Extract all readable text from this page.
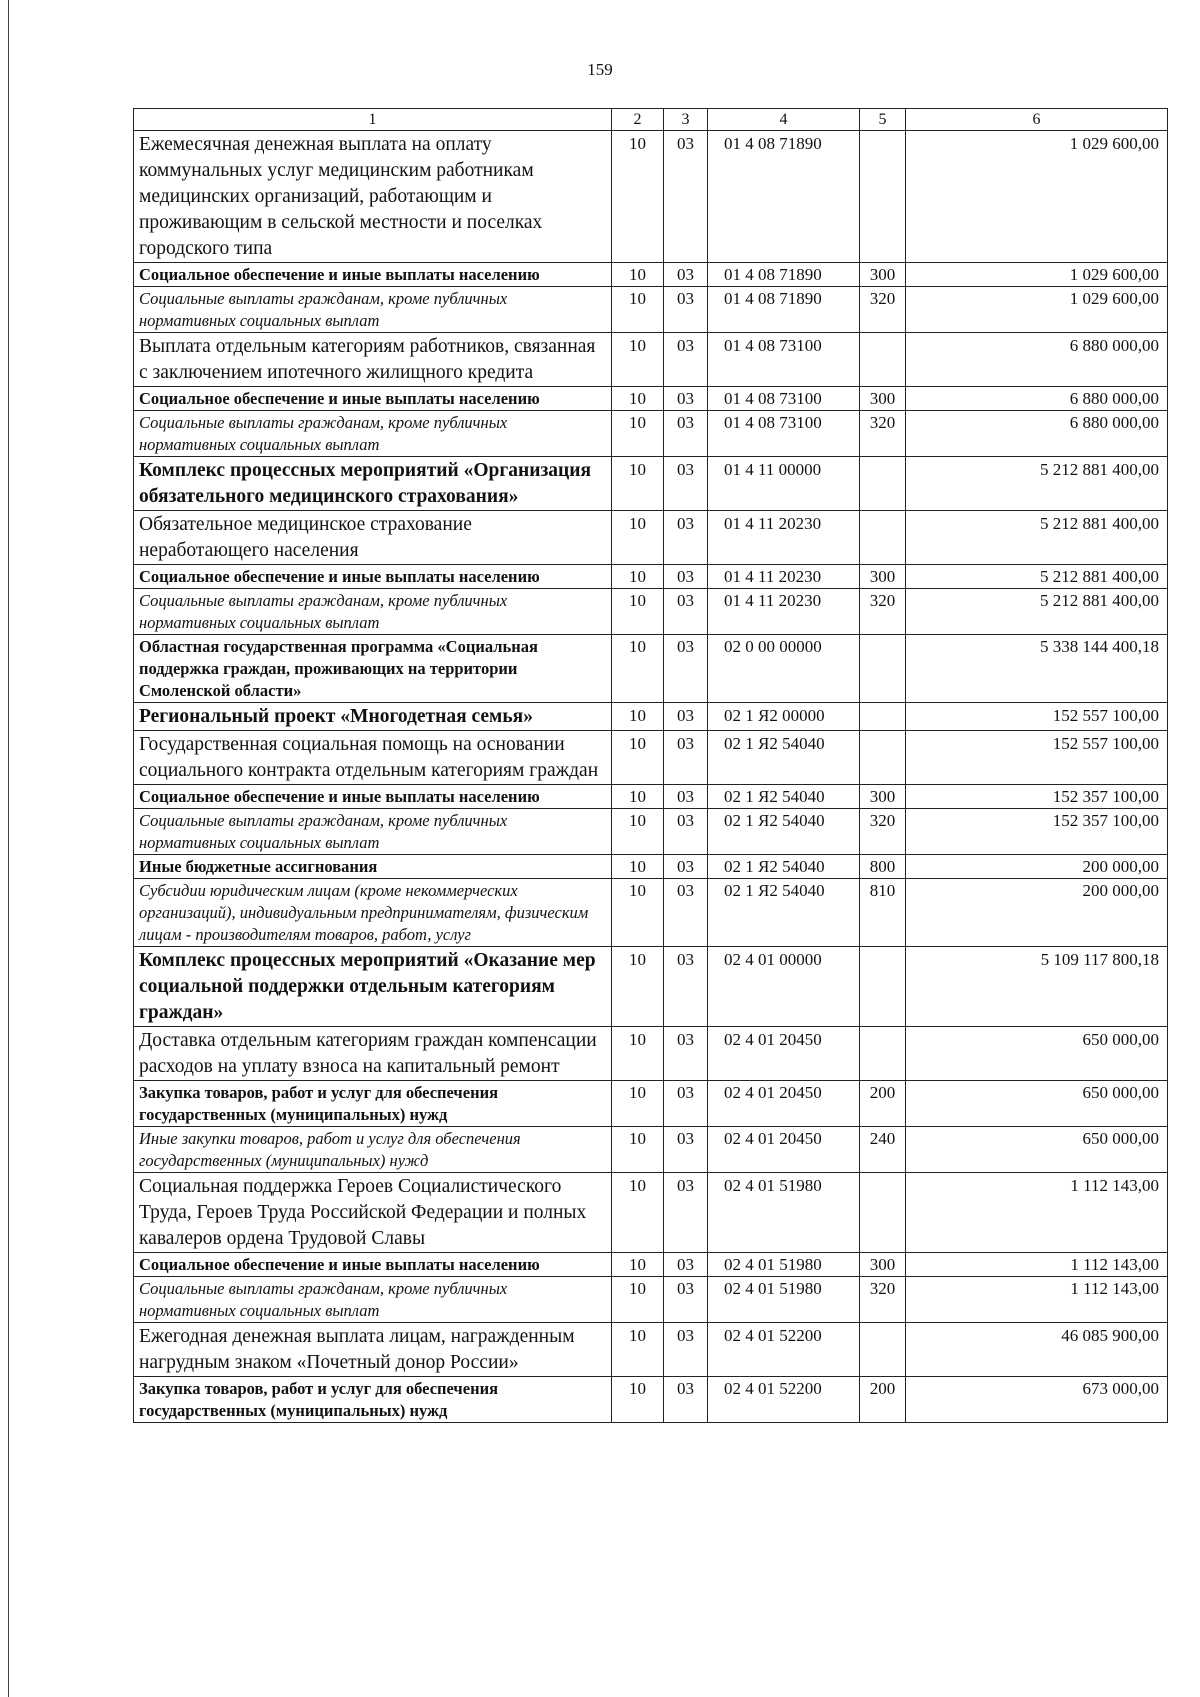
159
1	2	3	4	5	6
Ежемесячная денежная выплата на оплату коммунальных услуг медицинским работникам медицинских организаций, работающим и проживающим в сельской местности и поселках городского типа	10	03	01 4 08 71890		1 029 600,00
Социальное обеспечение и иные выплаты населению	10	03	01 4 08 71890	300	1 029 600,00
Социальные выплаты гражданам, кроме публичных нормативных социальных выплат	10	03	01 4 08 71890	320	1 029 600,00
Выплата отдельным категориям работников, связанная с заключением ипотечного жилищного кредита	10	03	01 4 08 73100		6 880 000,00
Социальное обеспечение и иные выплаты населению	10	03	01 4 08 73100	300	6 880 000,00
Социальные выплаты гражданам, кроме публичных нормативных социальных выплат	10	03	01 4 08 73100	320	6 880 000,00
Комплекс процессных мероприятий «Организация обязательного медицинского страхования»	10	03	01 4 11 00000		5 212 881 400,00
Обязательное медицинское страхование неработающего населения	10	03	01 4 11 20230		5 212 881 400,00
Социальное обеспечение и иные выплаты населению	10	03	01 4 11 20230	300	5 212 881 400,00
Социальные выплаты гражданам, кроме публичных нормативных социальных выплат	10	03	01 4 11 20230	320	5 212 881 400,00
Областная государственная программа «Социальная поддержка граждан, проживающих на территории Смоленской области»	10	03	02 0 00 00000		5 338 144 400,18
Региональный проект «Многодетная семья»	10	03	02 1 Я2 00000		152 557 100,00
Государственная социальная помощь на основании социального контракта отдельным категориям граждан	10	03	02 1 Я2 54040		152 557 100,00
Социальное обеспечение и иные выплаты населению	10	03	02 1 Я2 54040	300	152 357 100,00
Социальные выплаты гражданам, кроме публичных нормативных социальных выплат	10	03	02 1 Я2 54040	320	152 357 100,00
Иные бюджетные ассигнования	10	03	02 1 Я2 54040	800	200 000,00
Субсидии юридическим лицам (кроме некоммерческих организаций), индивидуальным предпринимателям, физическим лицам - производителям товаров, работ, услуг	10	03	02 1 Я2 54040	810	200 000,00
Комплекс процессных мероприятий «Оказание мер социальной поддержки отдельным категориям граждан»	10	03	02 4 01 00000		5 109 117 800,18
Доставка отдельным категориям граждан компенсации расходов на уплату взноса на капитальный ремонт	10	03	02 4 01 20450		650 000,00
Закупка товаров, работ и услуг для обеспечения государственных (муниципальных) нужд	10	03	02 4 01 20450	200	650 000,00
Иные закупки товаров, работ и услуг для обеспечения государственных (муниципальных) нужд	10	03	02 4 01 20450	240	650 000,00
Социальная поддержка Героев Социалистического Труда, Героев Труда Российской Федерации и полных кавалеров ордена Трудовой Славы	10	03	02 4 01 51980		1 112 143,00
Социальное обеспечение и иные выплаты населению	10	03	02 4 01 51980	300	1 112 143,00
Социальные выплаты гражданам, кроме публичных нормативных социальных выплат	10	03	02 4 01 51980	320	1 112 143,00
Ежегодная денежная выплата лицам, награжденным нагрудным знаком «Почетный донор России»	10	03	02 4 01 52200		46 085 900,00
Закупка товаров, работ и услуг для обеспечения государственных (муниципальных) нужд	10	03	02 4 01 52200	200	673 000,00
